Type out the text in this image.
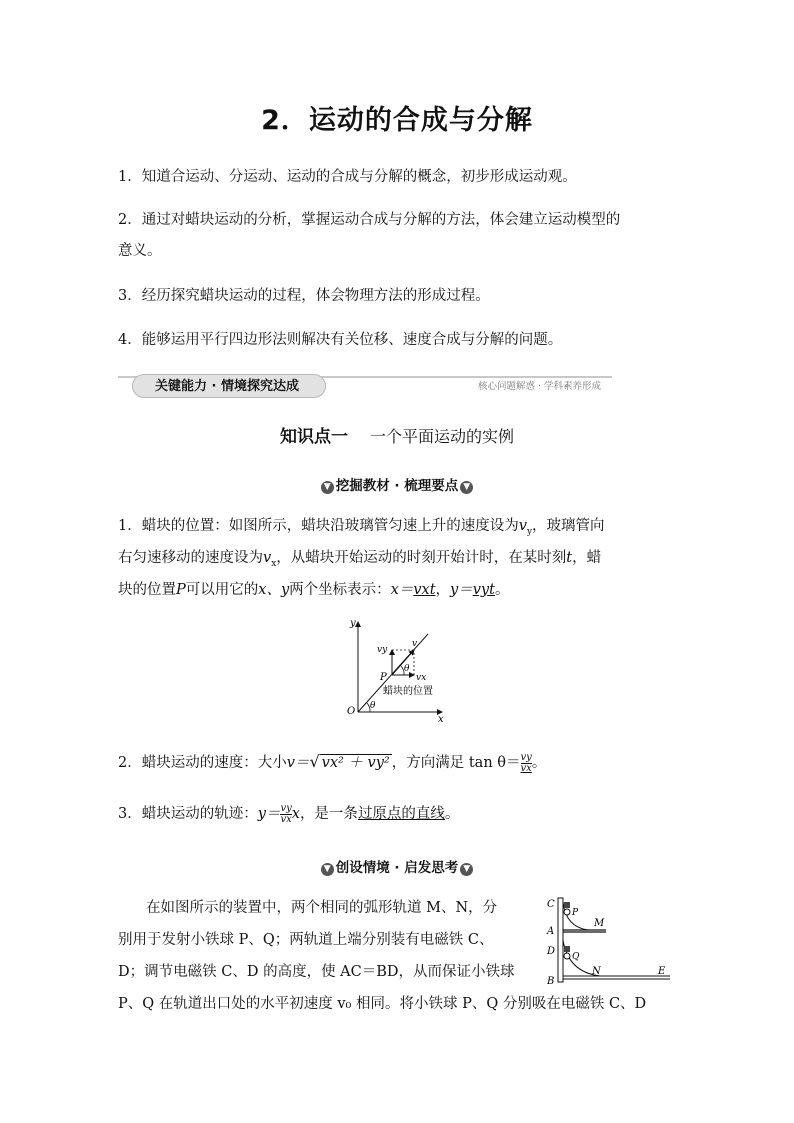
2．运动的合成与分解
1．知道合运动、分运动、运动的合成与分解的概念，初步形成运动观。
2．通过对蜡块运动的分析，掌握运动合成与分解的方法，体会建立运动模型的
意义。
3．经历探究蜡块运动的过程，体会物理方法的形成过程。
4．能够运用平行四边形法则解决有关位移、速度合成与分解的问题。
关键能力 · 情境探究达成	核心问题解惑 · 学科素养形成
知识点一 一个平面运动的实例
▼ 挖掘教材 · 梳理要点 ▼
1．蜡块的位置：如图所示，蜡块沿玻璃管匀速上升的速度设为$v_y$，玻璃管向
右匀速移动的速度设为$v_x$，从蜡块开始运动的时刻开始计时，在某时刻t，蜡
块的位置P可以用它的x、y两个坐标表示：x＝vxt，y＝vyt。
y
x
O θ
θ
P
vy
vx
v
蜡块的位置
2．蜡块运动的速度：大小v＝√ vx² ＋ vy² ，方向满足 $\tan \theta=\frac{vy}{vx}$ 。
3．蜡块运动的轨迹：$y=\frac{vy}{vx}$ x，是一条过原点的直线。
▼ 创设情境 · 启发思考 ▼
在如图所示的装置中，两个相同的弧形轨道 M、N，分
别用于发射小铁球 P、Q；两轨道上端分别装有电磁铁 C、
D；调节电磁铁 C、D 的高度，使 AC＝BD，从而保证小铁球
P、Q 在轨道出口处的水平初速度 v₀ 相同。将小铁球 P、Q 分别吸在电磁铁 C、D
C
P
M
A
D Q
B
N	E
